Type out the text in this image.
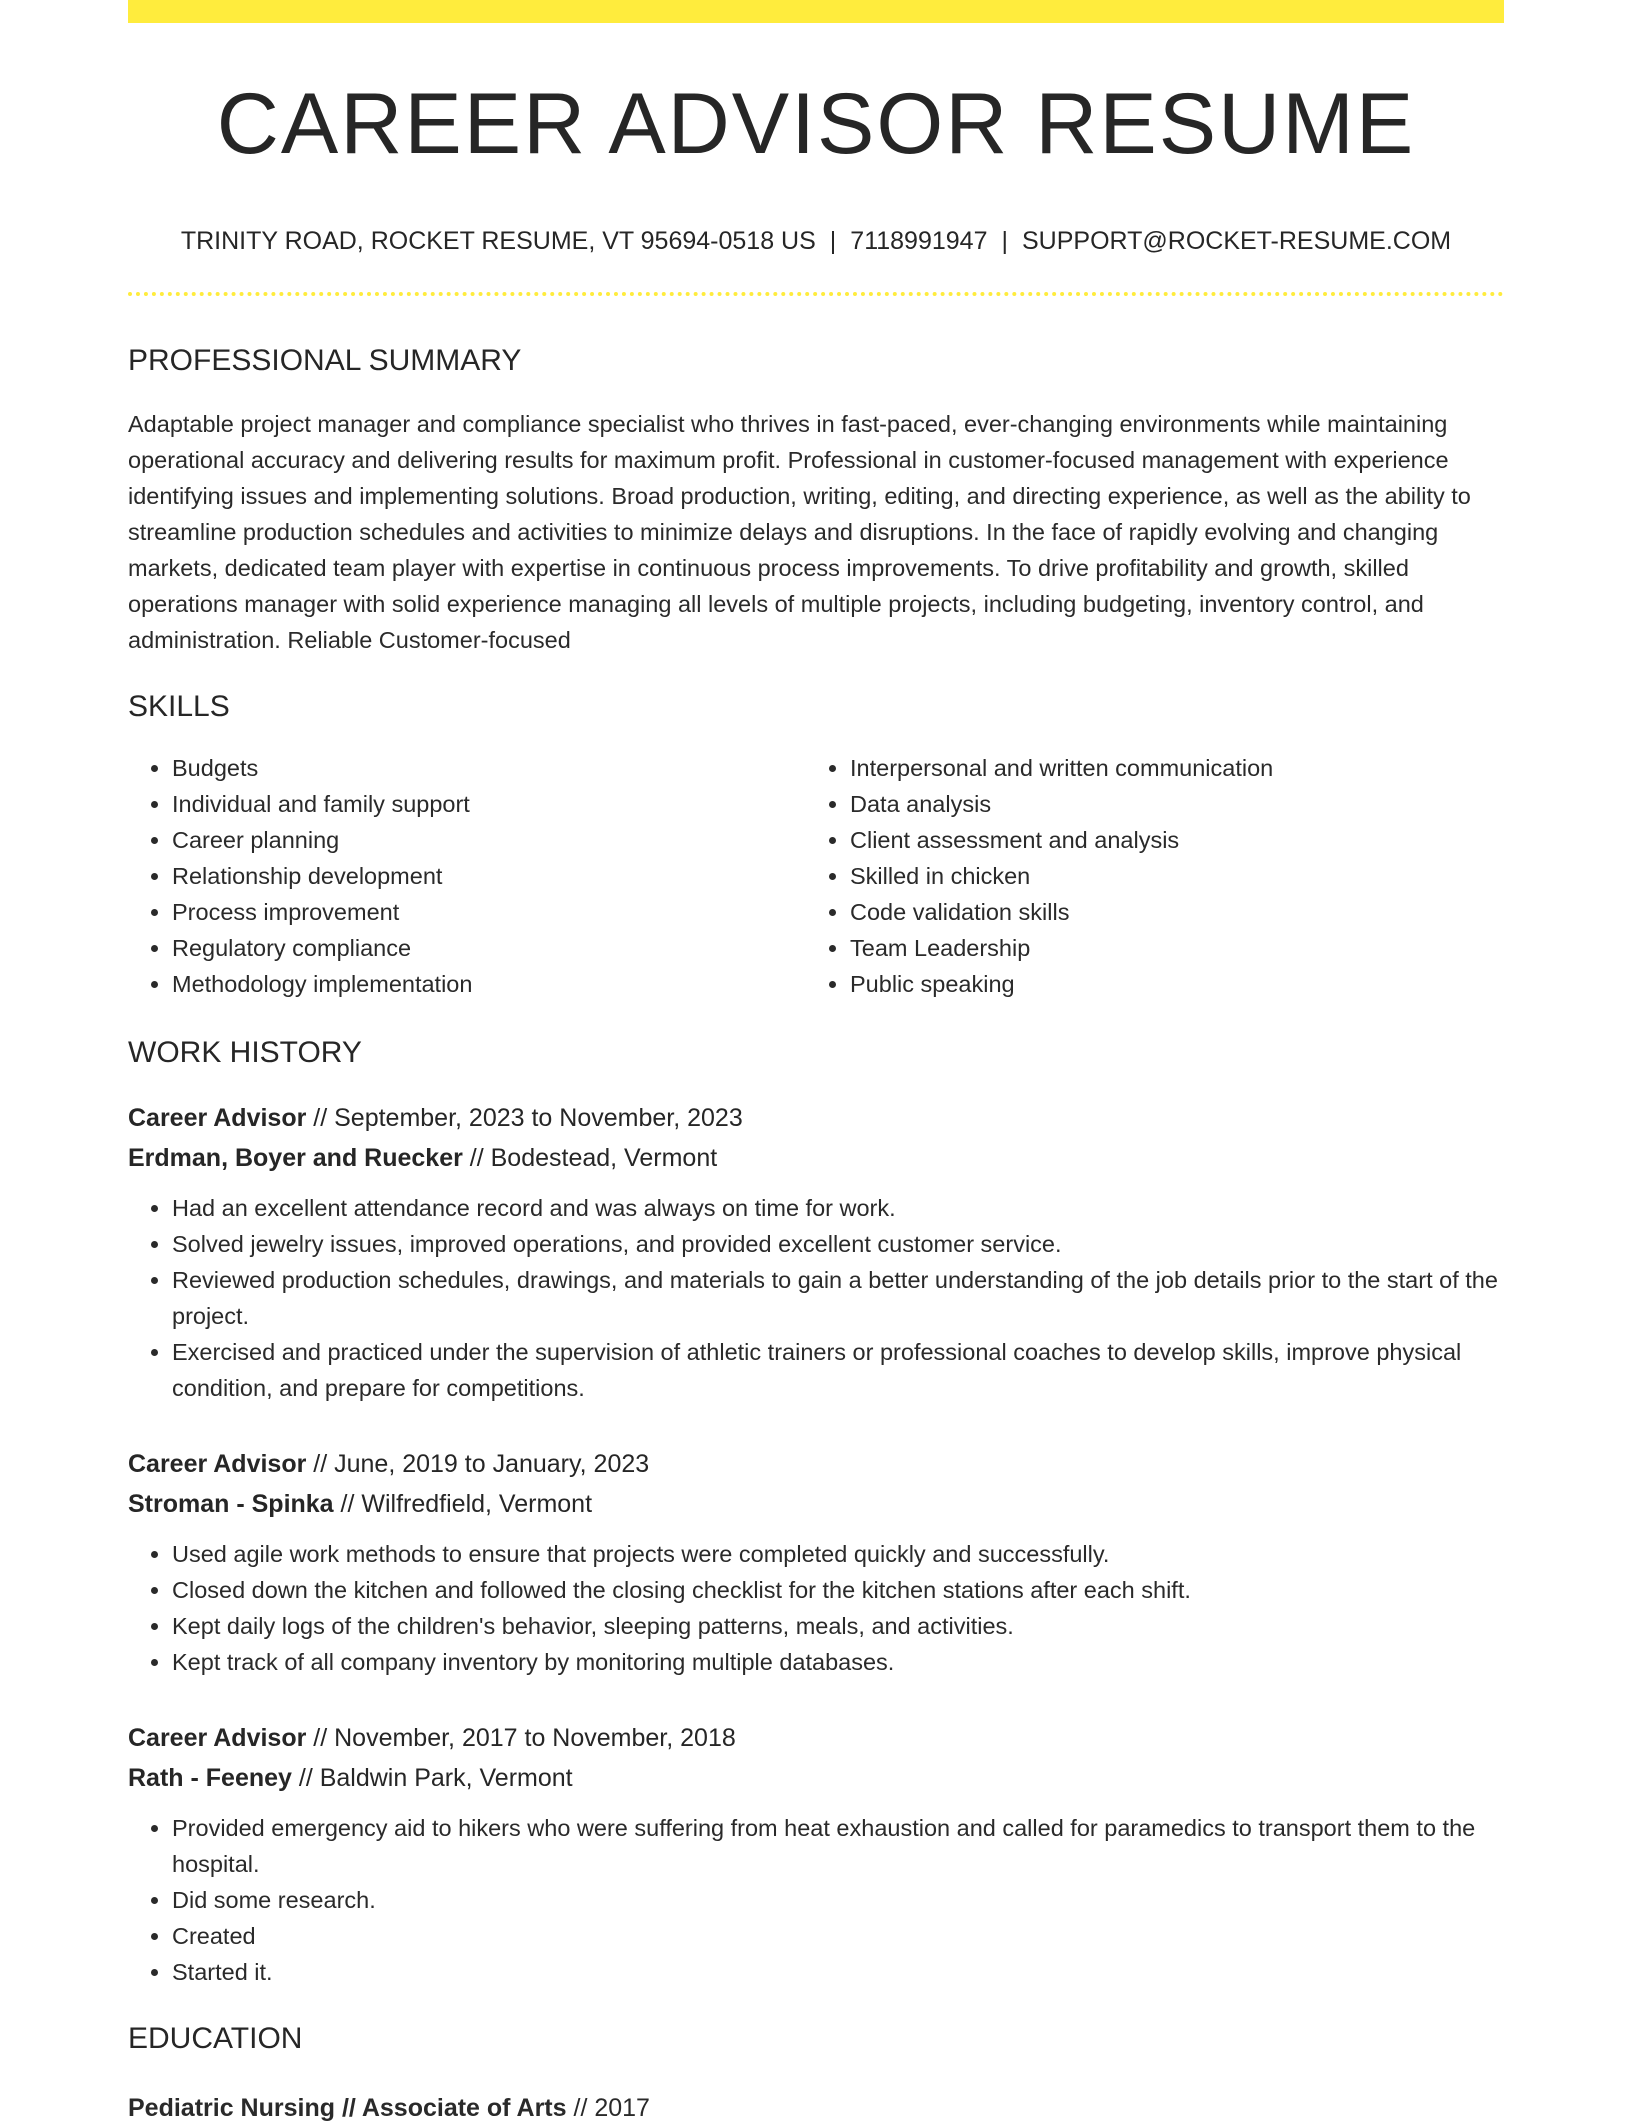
CAREER ADVISOR RESUME
TRINITY ROAD, ROCKET RESUME, VT 95694-0518 US | 7118991947 | SUPPORT@ROCKET-RESUME.COM
PROFESSIONAL SUMMARY

Adaptable project manager and compliance specialist who thrives in fast-paced, ever-changing environments while maintaining operational accuracy and delivering results for maximum profit. Professional in customer-focused management with experience identifying issues and implementing solutions. Broad production, writing, editing, and directing experience, as well as the ability to streamline production schedules and activities to minimize delays and disruptions. In the face of rapidly evolving and changing markets, dedicated team player with expertise in continuous process improvements. To drive profitability and growth, skilled operations manager with solid experience managing all levels of multiple projects, including budgeting, inventory control, and administration. Reliable Customer-focused

SKILLS
• Budgets
• Individual and family support
• Career planning
• Relationship development
• Process improvement
• Regulatory compliance
• Methodology implementation
• Interpersonal and written communication
• Data analysis
• Client assessment and analysis
• Skilled in chicken
• Code validation skills
• Team Leadership
• Public speaking
WORK HISTORY
Career Advisor // September, 2023 to November, 2023
Erdman, Boyer and Ruecker // Bodestead, Vermont
• Had an excellent attendance record and was always on time for work.
• Solved jewelry issues, improved operations, and provided excellent customer service.
• Reviewed production schedules, drawings, and materials to gain a better understanding of the job details prior to the start of the project.
• Exercised and practiced under the supervision of athletic trainers or professional coaches to develop skills, improve physical condition, and prepare for competitions.
Career Advisor // June, 2019 to January, 2023
Stroman - Spinka // Wilfredfield, Vermont
• Used agile work methods to ensure that projects were completed quickly and successfully.
• Closed down the kitchen and followed the closing checklist for the kitchen stations after each shift.
• Kept daily logs of the children's behavior, sleeping patterns, meals, and activities.
• Kept track of all company inventory by monitoring multiple databases.
Career Advisor // November, 2017 to November, 2018
Rath - Feeney // Baldwin Park, Vermont
• Provided emergency aid to hikers who were suffering from heat exhaustion and called for paramedics to transport them to the hospital.
• Did some research.
• Created
• Started it.
EDUCATION
Pediatric Nursing // Associate of Arts // 2017
